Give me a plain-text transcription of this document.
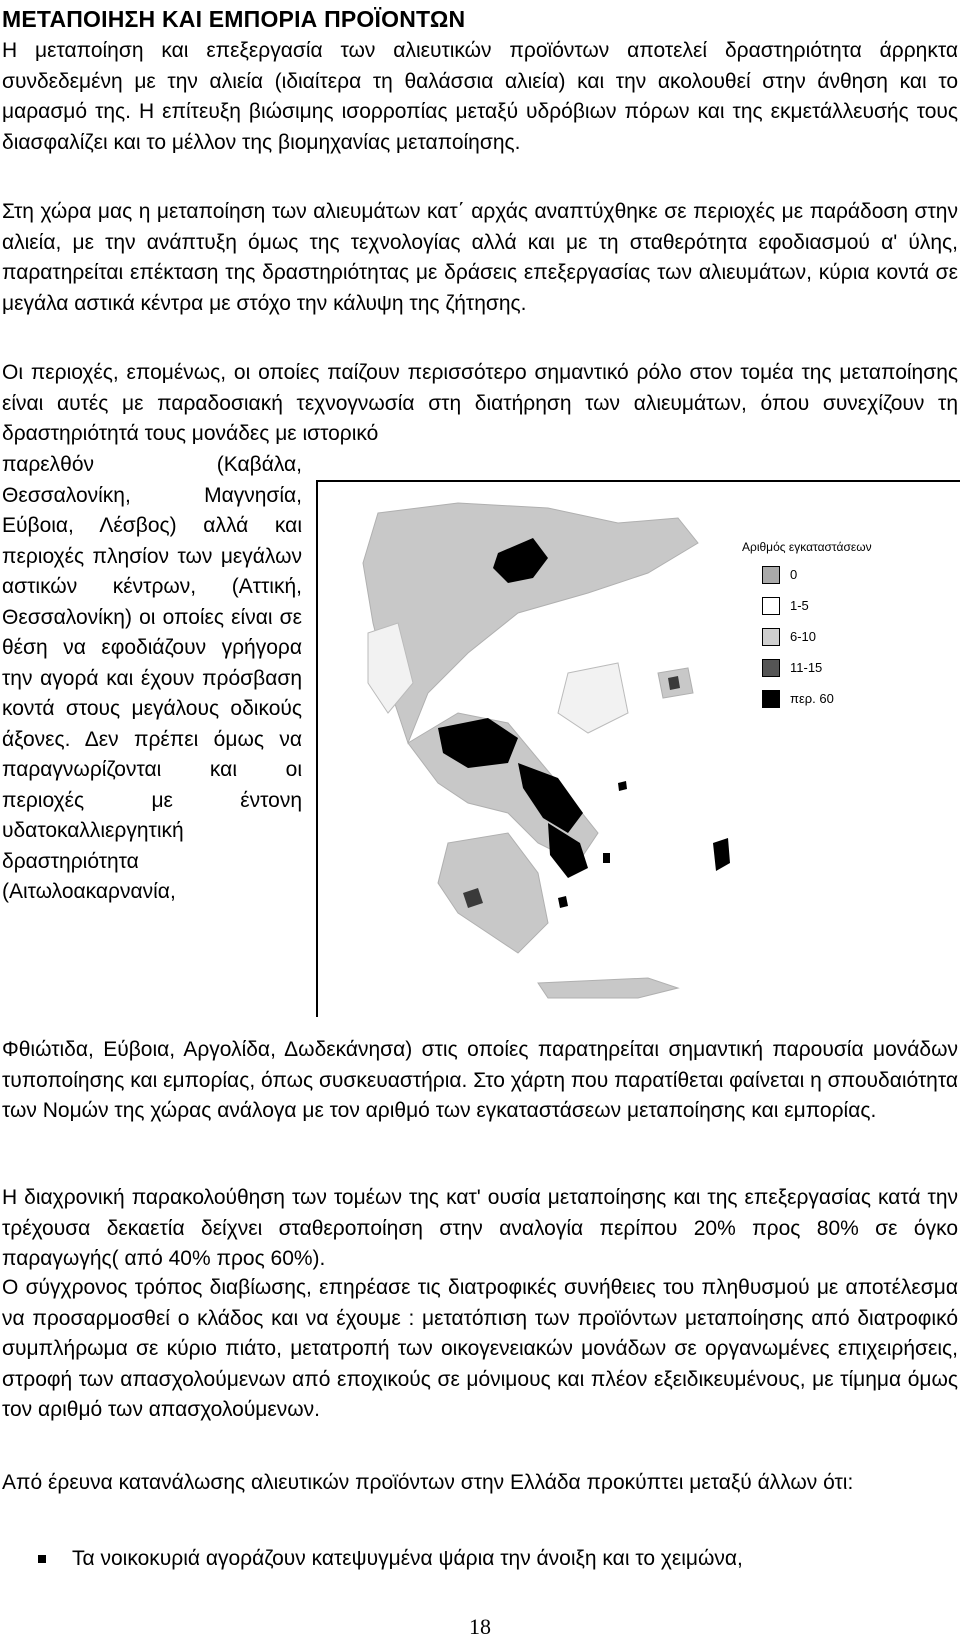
ΜΕΤΑΠΟΙΗΣΗ ΚΑΙ ΕΜΠΟΡΙΑ ΠΡΟΪΟΝΤΩΝ

Η μεταποίηση και επεξεργασία των αλιευτικών προϊόντων αποτελεί δραστηριότητα άρρηκτα συνδεδεμένη με την αλιεία (ιδιαίτερα τη θαλάσσια αλιεία) και την ακολουθεί στην άνθηση και το μαρασμό της. Η επίτευξη βιώσιμης ισορροπίας μεταξύ υδρόβιων πόρων και της εκμετάλλευσής τους διασφαλίζει και το μέλλον της βιομηχανίας μεταποίησης.

Στη χώρα μας η μεταποίηση των αλιευμάτων κατ΄ αρχάς αναπτύχθηκε σε περιοχές με παράδοση στην αλιεία, με την ανάπτυξη όμως της τεχνολογίας αλλά και με τη σταθερότητα εφοδιασμού α' ύλης, παρατηρείται επέκταση της δραστηριότητας με δράσεις επεξεργασίας των αλιευμάτων, κύρια κοντά σε μεγάλα αστικά κέντρα με στόχο την κάλυψη της ζήτησης.

Οι περιοχές, επομένως, οι οποίες παίζουν περισσότερο σημαντικό ρόλο στον τομέα της μεταποίησης είναι αυτές με παραδοσιακή τεχνογνωσία στη διατήρηση των αλιευμάτων, όπου συνεχίζουν τη δραστηριότητά τους μονάδες με ιστορικό

παρελθόν (Καβάλα, Θεσσαλονίκη, Μαγνησία, Εύβοια, Λέσβος) αλλά και περιοχές πλησίον των μεγάλων αστικών κέντρων, (Αττική, Θεσσαλονίκη) οι οποίες είναι σε θέση να εφοδιάζουν γρήγορα την αγορά και έχουν πρόσβαση κοντά στους μεγάλους οδικούς άξονες. Δεν πρέπει όμως να παραγνωρίζονται και οι περιοχές με έντονη υδατοκαλλιεργητική δραστηριότητα (Αιτωλοακαρνανία,

Αριθμός εγκαταστάσεων
0
1-5
6-10
11-15
περ. 60

Φθιώτιδα, Εύβοια, Αργολίδα, Δωδεκάνησα) στις οποίες παρατηρείται σημαντική παρουσία μονάδων τυποποίησης και εμπορίας, όπως συσκευαστήρια. Στο χάρτη που παρατίθεται φαίνεται η σπουδαιότητα των Νομών της χώρας ανάλογα με τον αριθμό των εγκαταστάσεων μεταποίησης και εμπορίας.

Η διαχρονική παρακολούθηση των τομέων της κατ' ουσία μεταποίησης και της επεξεργασίας κατά την τρέχουσα δεκαετία δείχνει σταθεροποίηση στην αναλογία περίπου 20% προς 80% σε όγκο παραγωγής( από 40% προς 60%).

Ο σύγχρονος τρόπος διαβίωσης, επηρέασε τις διατροφικές συνήθειες του πληθυσμού με αποτέλεσμα να προσαρμοσθεί ο κλάδος και να έχουμε : μετατόπιση των προϊόντων μεταποίησης από διατροφικό συμπλήρωμα σε κύριο πιάτο, μετατροπή των οικογενειακών μονάδων σε οργανωμένες επιχειρήσεις, στροφή των απασχολούμενων από εποχικούς σε μόνιμους και πλέον εξειδικευμένους, με τίμημα όμως τον αριθμό των απασχολούμενων.

Από έρευνα κατανάλωσης αλιευτικών προϊόντων στην Ελλάδα προκύπτει μεταξύ άλλων ότι:

Τα νοικοκυριά αγοράζουν κατεψυγμένα ψάρια την άνοιξη και το χειμώνα,
18
